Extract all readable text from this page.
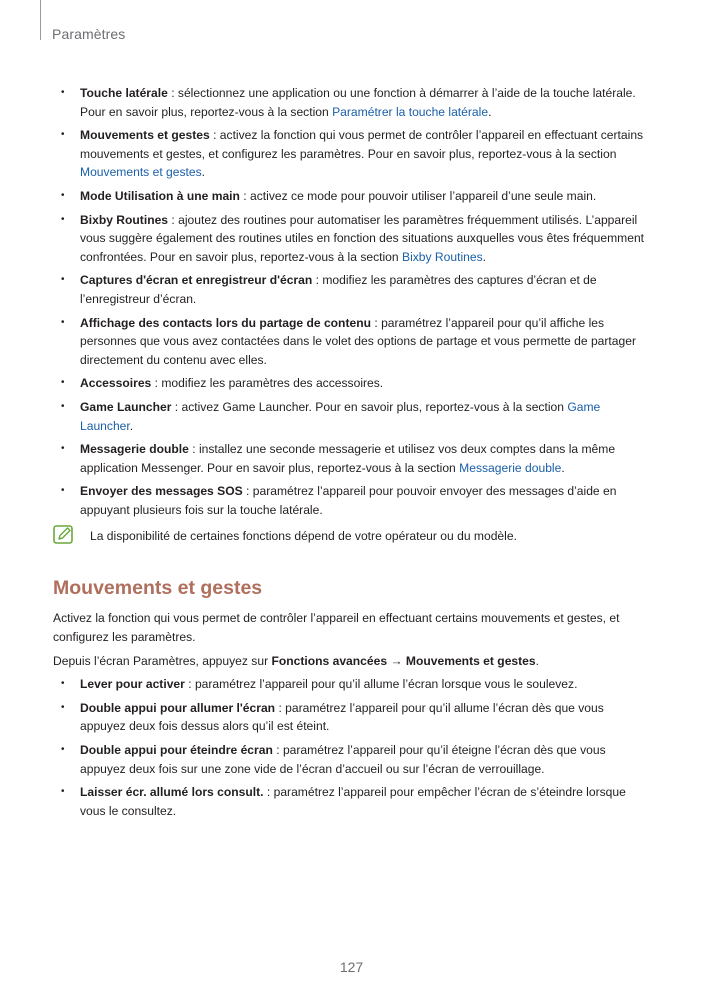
Paramètres
• Touche latérale : sélectionnez une application ou une fonction à démarrer à l’aide de la touche latérale. Pour en savoir plus, reportez-vous à la section Paramétrer la touche latérale.
• Mouvements et gestes : activez la fonction qui vous permet de contrôler l’appareil en effectuant certains mouvements et gestes, et configurez les paramètres. Pour en savoir plus, reportez-vous à la section Mouvements et gestes.
• Mode Utilisation à une main : activez ce mode pour pouvoir utiliser l’appareil d’une seule main.
• Bixby Routines : ajoutez des routines pour automatiser les paramètres fréquemment utilisés. L’appareil vous suggère également des routines utiles en fonction des situations auxquelles vous êtes fréquemment confrontées. Pour en savoir plus, reportez-vous à la section Bixby Routines.
• Captures d'écran et enregistreur d'écran : modifiez les paramètres des captures d’écran et de l’enregistreur d’écran.
• Affichage des contacts lors du partage de contenu : paramétrez l’appareil pour qu’il affiche les personnes que vous avez contactées dans le volet des options de partage et vous permette de partager directement du contenu avec elles.
• Accessoires : modifiez les paramètres des accessoires.
• Game Launcher : activez Game Launcher. Pour en savoir plus, reportez-vous à la section Game Launcher.
• Messagerie double : installez une seconde messagerie et utilisez vos deux comptes dans la même application Messenger. Pour en savoir plus, reportez-vous à la section Messagerie double.
• Envoyer des messages SOS : paramétrez l’appareil pour pouvoir envoyer des messages d’aide en appuyant plusieurs fois sur la touche latérale.
La disponibilité de certaines fonctions dépend de votre opérateur ou du modèle.
Mouvements et gestes

Activez la fonction qui vous permet de contrôler l’appareil en effectuant certains mouvements et gestes, et configurez les paramètres.

Depuis l’écran Paramètres, appuyez sur Fonctions avancées → Mouvements et gestes.

• Lever pour activer : paramétrez l’appareil pour qu’il allume l’écran lorsque vous le soulevez.
• Double appui pour allumer l'écran : paramétrez l’appareil pour qu’il allume l’écran dès que vous appuyez deux fois dessus alors qu’il est éteint.
• Double appui pour éteindre écran : paramétrez l’appareil pour qu’il éteigne l’écran dès que vous appuyez deux fois sur une zone vide de l’écran d’accueil ou sur l’écran de verrouillage.
• Laisser écr. allumé lors consult. : paramétrez l’appareil pour empêcher l’écran de s’éteindre lorsque vous le consultez.
127
